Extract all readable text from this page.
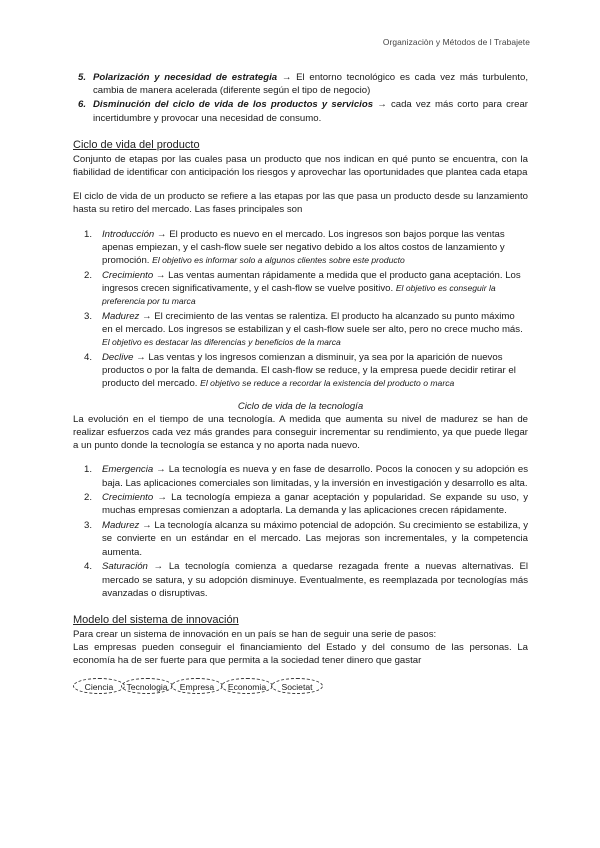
Organizaciòn y Métodos de l Trabajete
5. Polarización y necesidad de estrategia → El entorno tecnológico es cada vez más turbulento, cambia de manera acelerada (diferente según el tipo de negocio)
6. Disminución del ciclo de vida de los productos y servicios → cada vez más corto para crear incertidumbre y provocar una necesidad de consumo.
Ciclo de vida del producto

Conjunto de etapas por las cuales pasa un producto que nos indican en qué punto se encuentra, con la fiabilidad de identificar con anticipación los riesgos y aprovechar las oportunidades que plantea cada etapa

El ciclo de vida de un producto se refiere a las etapas por las que pasa un producto desde su lanzamiento hasta su retiro del mercado. Las fases principales son

1. Introducción → El producto es nuevo en el mercado. Los ingresos son bajos porque las ventas apenas empiezan, y el cash-flow suele ser negativo debido a los altos costos de lanzamiento y promoción. El objetivo es informar solo a algunos clientes sobre este producto
2. Crecimiento → Las ventas aumentan rápidamente a medida que el producto gana aceptación. Los ingresos crecen significativamente, y el cash-flow se vuelve positivo. El objetivo es conseguir la preferencia por tu marca
3. Madurez → El crecimiento de las ventas se ralentiza. El producto ha alcanzado su punto máximo en el mercado. Los ingresos se estabilizan y el cash-flow suele ser alto, pero no crece mucho más. El objetivo es destacar las diferencias y beneficios de la marca
4. Declive → Las ventas y los ingresos comienzan a disminuir, ya sea por la aparición de nuevos productos o por la falta de demanda. El cash-flow se reduce, y la empresa puede decidir retirar el producto del mercado. El objetivo se reduce a recordar la existencia del producto o marca
Ciclo de vida de la tecnología

La evolución en el tiempo de una tecnología. A medida que aumenta su nivel de madurez se han de realizar esfuerzos cada vez más grandes para conseguir incrementar su rendimiento, ya que puede llegar a un punto donde la tecnología se estanca y no aporta nada nuevo.

1. Emergencia → La tecnología es nueva y en fase de desarrollo. Pocos la conocen y su adopción es baja. Las aplicaciones comerciales son limitadas, y la inversión en investigación y desarrollo es alta.
2. Crecimiento → La tecnología empieza a ganar aceptación y popularidad. Se expande su uso, y muchas empresas comienzan a adoptarla. La demanda y las aplicaciones crecen rápidamente.
3. Madurez → La tecnología alcanza su máximo potencial de adopción. Su crecimiento se estabiliza, y se convierte en un estándar en el mercado. Las mejoras son incrementales, y la competencia aumenta.
4. Saturación → La tecnología comienza a quedarse rezagada frente a nuevas alternativas. El mercado se satura, y su adopción disminuye. Eventualmente, es reemplazada por tecnologías más avanzadas o disruptivas.
Modelo del sistema de innovación

Para crear un sistema de innovación en un país se han de seguir una serie de pasos:

Las empresas pueden conseguir el financiamiento del Estado y del consumo de las personas. La economía ha de ser fuerte para que permita a la sociedad tener dinero que gastar

Ciencia	Tecnologia	Empresa	Economia	Societat
